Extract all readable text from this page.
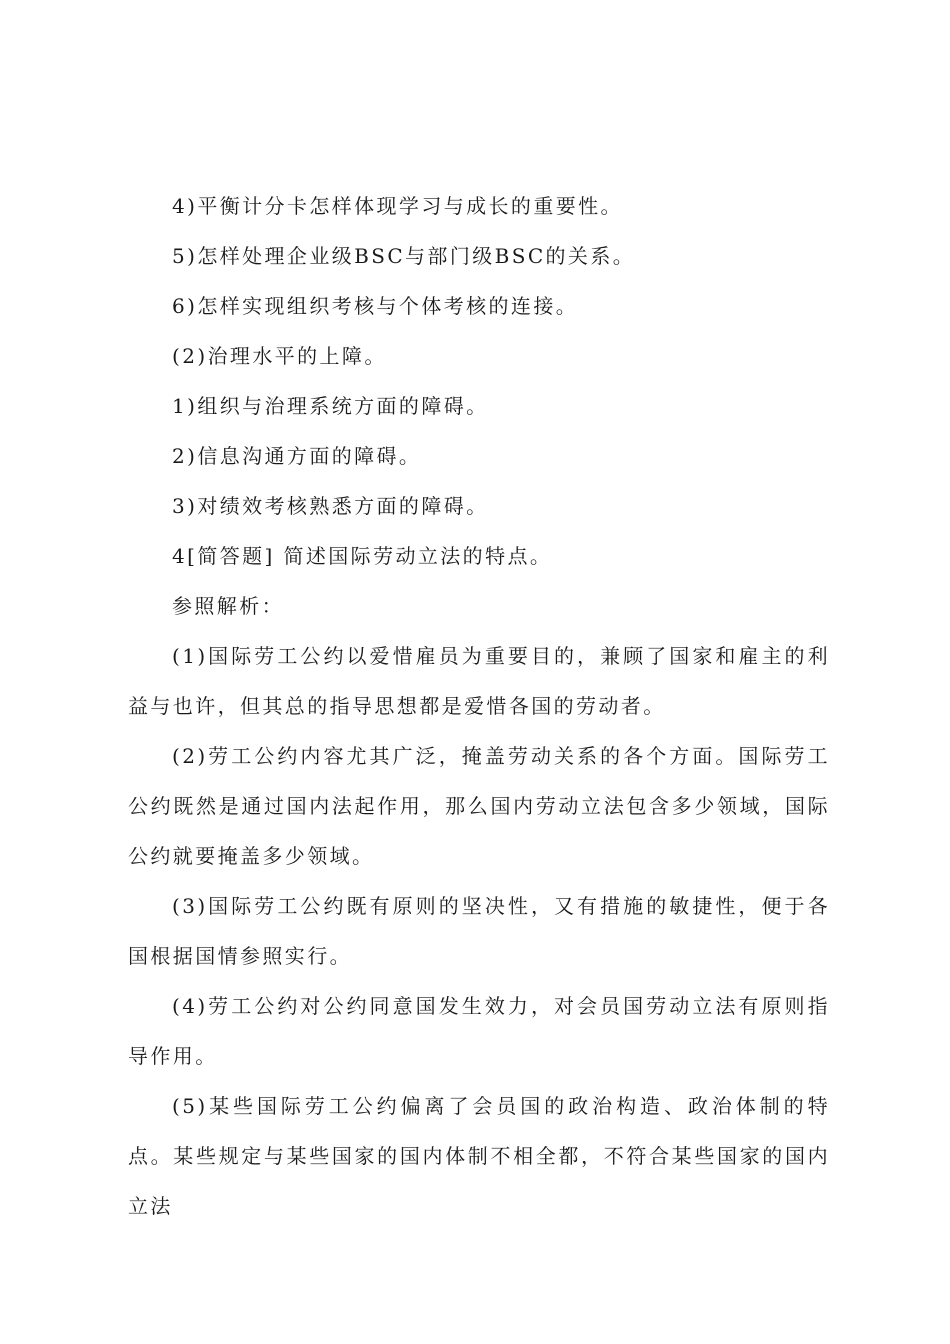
4)平衡计分卡怎样体现学习与成长的重要性。
5)怎样处理企业级BSC与部门级BSC的关系。
6)怎样实现组织考核与个体考核的连接。
(2)治理水平的上障。
1)组织与治理系统方面的障碍。
2)信息沟通方面的障碍。
3)对绩效考核熟悉方面的障碍。
4[简答题] 简述国际劳动立法的特点。
参照解析：

(1)国际劳工公约以爱惜雇员为重要目的，兼顾了国家和雇主的利益与也许，但其总的指导思想都是爱惜各国的劳动者。

(2)劳工公约内容尤其广泛，掩盖劳动关系的各个方面。国际劳工公约既然是通过国内法起作用，那么国内劳动立法包含多少领域，国际公约就要掩盖多少领域。

(3)国际劳工公约既有原则的坚决性，又有措施的敏捷性，便于各国根据国情参照实行。

(4)劳工公约对公约同意国发生效力，对会员国劳动立法有原则指导作用。

(5)某些国际劳工公约偏离了会员国的政治构造、政治体制的特点。某些规定与某些国家的国内体制不相全都，不符合某些国家的国内立法
